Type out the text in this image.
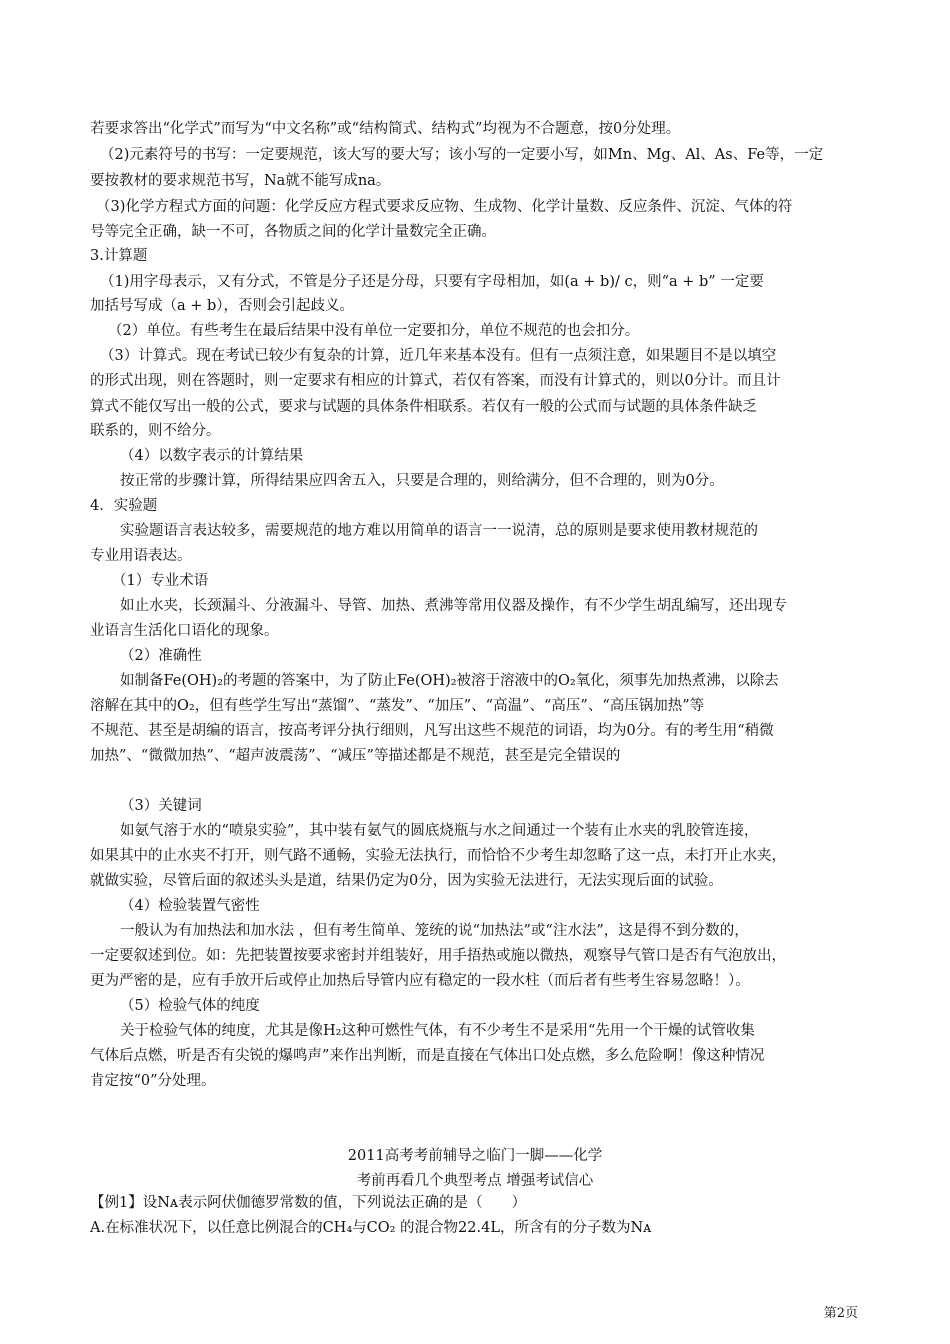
若要求答出“化学式”而写为“中文名称”或“结构简式、结构式”均视为不合题意，按0分处理。
（2)元素符号的书写：一定要规范，该大写的要大写；该小写的一定要小写，如Mn、Mg、Al、As、Fe等，一定
要按教材的要求规范书写，Na就不能写成na。
（3)化学方程式方面的问题：化学反应方程式要求反应物、生成物、化学计量数、反应条件、沉淀、气体的符
号等完全正确，缺一不可，各物质之间的化学计量数完全正确。
3.计算题
（1)用字母表示，又有分式，不管是分子还是分母，只要有字母相加，如(a + b)/ c，则“a + b” 一定要
加括号写成（a + b），否则会引起歧义。
（2）单位。有些考生在最后结果中没有单位一定要扣分，单位不规范的也会扣分。
（3）计算式。现在考试已较少有复杂的计算，近几年来基本没有。但有一点须注意，如果题目不是以填空
的形式出现，则在答题时，则一定要求有相应的计算式，若仅有答案，而没有计算式的，则以0分计。而且计
算式不能仅写出一般的公式，要求与试题的具体条件相联系。若仅有一般的公式而与试题的具体条件缺乏
联系的，则不给分。
（4）以数字表示的计算结果
按正常的步骤计算，所得结果应四舍五入，只要是合理的，则给满分，但不合理的，则为0分。
4．实验题
实验题语言表达较多，需要规范的地方难以用简单的语言一一说清，总的原则是要求使用教材规范的
专业用语表达。
（1）专业术语
如止水夹，长颈漏斗、分液漏斗、导管、加热、煮沸等常用仪器及操作，有不少学生胡乱编写，还出现专
业语言生活化口语化的现象。
（2）准确性
如制备Fe(OH)₂的考题的答案中，为了防止Fe(OH)₂被溶于溶液中的O₂氧化，须事先加热煮沸，以除去
溶解在其中的O₂，但有些学生写出“蒸馏”、“蒸发”、“加压”、“高温”、“高压”、“高压锅加热”等
不规范、甚至是胡编的语言，按高考评分执行细则，凡写出这些不规范的词语，均为0分。有的考生用“稍微
加热”、“微微加热”、“超声波震荡”、“减压”等描述都是不规范，甚至是完全错误的
（3）关键词
如氨气溶于水的“喷泉实验”，其中装有氨气的圆底烧瓶与水之间通过一个装有止水夹的乳胶管连接，
如果其中的止水夹不打开，则气路不通畅，实验无法执行，而恰恰不少考生却忽略了这一点，未打开止水夹，
就做实验，尽管后面的叙述头头是道，结果仍定为0分，因为实验无法进行，无法实现后面的试验。
（4）检验装置气密性
一般认为有加热法和加水法 ，但有考生简单、笼统的说“加热法”或“注水法”，这是得不到分数的，
一定要叙述到位。如：先把装置按要求密封并组装好，用手捂热或施以微热，观察导气管口是否有气泡放出，
更为严密的是，应有手放开后或停止加热后导管内应有稳定的一段水柱（而后者有些考生容易忽略！）。
（5）检验气体的纯度
关于检验气体的纯度，尤其是像H₂这种可燃性气体，有不少考生不是采用“先用一个干燥的试管收集
气体后点燃，听是否有尖锐的爆鸣声”来作出判断，而是直接在气体出口处点燃，多么危险啊！像这种情况
肯定按“0”分处理。
2011高考考前辅导之临门一脚——化学
考前再看几个典型考点 增强考试信心
【例1】设Nᴀ表示阿伏伽德罗常数的值，下列说法正确的是（　　）
A.在标准状况下，以任意比例混合的CH₄与CO₂ 的混合物22.4L，所含有的分子数为Nᴀ
第2页
